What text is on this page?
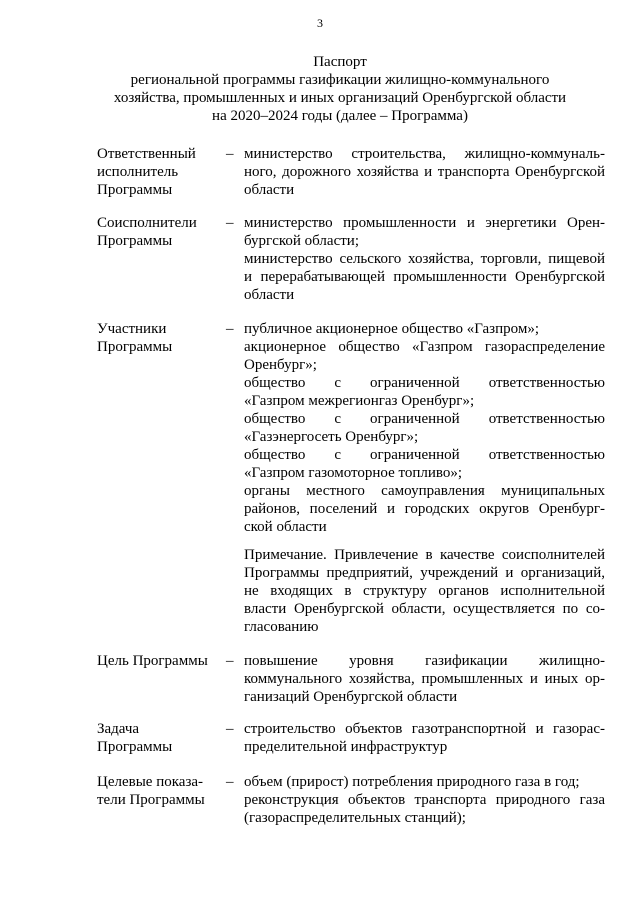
3
Паспорт
региональной программы газификации жилищно-коммунального
хозяйства, промышленных и иных организаций Оренбургской области
на 2020–2024 годы (далее – Программа)
Ответственный
исполнитель
Программы
– министерство строительства, жилищно-коммуналь-
ного, дорожного хозяйства и транспорта Оренбургской
области
Соисполнители
Программы
– министерство промышленности и энергетики Орен-
бургской области;
министерство сельского хозяйства, торговли, пищевой
и перерабатывающей промышленности Оренбургской
области
Участники
Программы
– публичное акционерное общество «Газпром»;
акционерное общество «Газпром газораспределение
Оренбург»;
общество с ограниченной ответственностью
«Газпром межрегионгаз Оренбург»;
общество с ограниченной ответственностью
«Газэнергосеть Оренбург»;
общество с ограниченной ответственностью
«Газпром газомоторное топливо»;
органы местного самоуправления муниципальных
районов, поселений и городских округов Оренбург-
ской области
Примечание. Привлечение в качестве соисполнителей
Программы предприятий, учреждений и организаций,
не входящих в структуру органов исполнительной
власти Оренбургской области, осуществляется по со-
гласованию
Цель Программы	– повышение уровня газификации жилищно-
коммунального хозяйства, промышленных и иных ор-
ганизаций Оренбургской области
Задача
Программы
– строительство объектов газотранспортной и газорас-
пределительной инфраструктур
Целевые показа-
тели Программы
– объем (прирост) потребления природного газа в год;
реконструкция объектов транспорта природного газа
(газораспределительных станций);
